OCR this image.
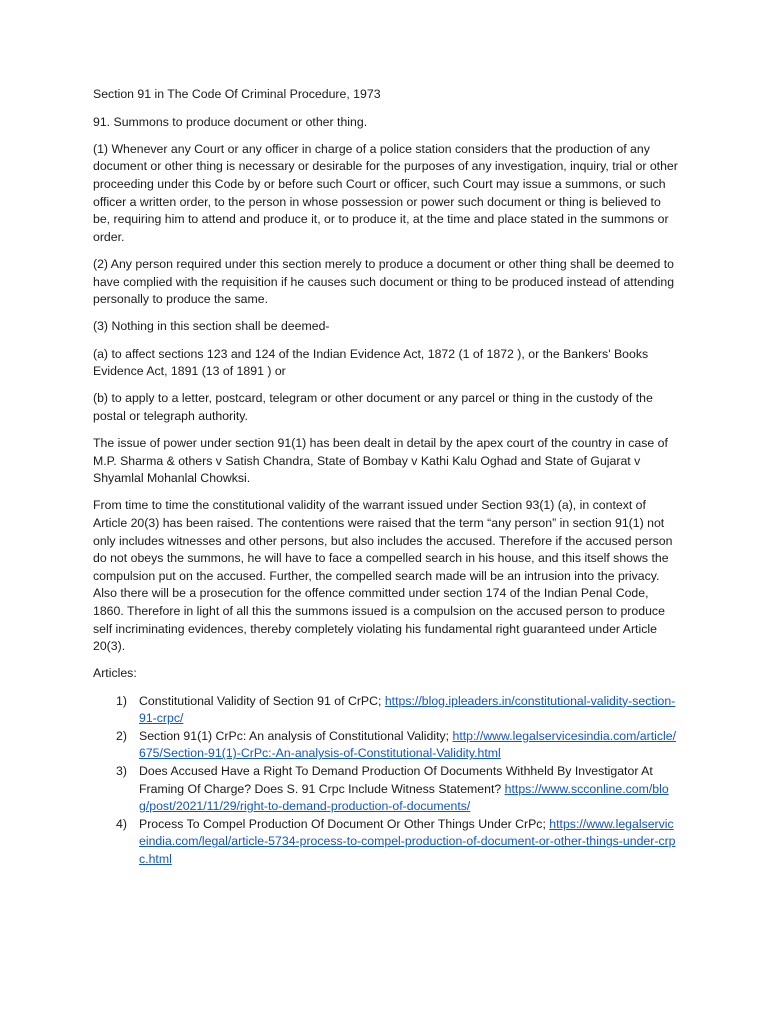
Section 91 in The Code Of Criminal Procedure, 1973

91. Summons to produce document or other thing.

(1) Whenever any Court or any officer in charge of a police station considers that the production of any document or other thing is necessary or desirable for the purposes of any investigation, inquiry, trial or other proceeding under this Code by or before such Court or officer, such Court may issue a summons, or such officer a written order, to the person in whose possession or power such document or thing is believed to be, requiring him to attend and produce it, or to produce it, at the time and place stated in the summons or order.

(2) Any person required under this section merely to produce a document or other thing shall be deemed to have complied with the requisition if he causes such document or thing to be produced instead of attending personally to produce the same.

(3) Nothing in this section shall be deemed-

(a) to affect sections 123 and 124 of the Indian Evidence Act, 1872 (1 of 1872 ), or the Bankers' Books Evidence Act, 1891 (13 of 1891 ) or

(b) to apply to a letter, postcard, telegram or other document or any parcel or thing in the custody of the postal or telegraph authority.

The issue of power under section 91(1) has been dealt in detail by the apex court of the country in case of M.P. Sharma & others v Satish Chandra, State of Bombay v Kathi Kalu Oghad and State of Gujarat v Shyamlal Mohanlal Chowksi.

From time to time the constitutional validity of the warrant issued under Section 93(1) (a), in context of Article 20(3) has been raised. The contentions were raised that the term “any person” in section 91(1) not only includes witnesses and other persons, but also includes the accused. Therefore if the accused person do not obeys the summons, he will have to face a compelled search in his house, and this itself shows the compulsion put on the accused. Further, the compelled search made will be an intrusion into the privacy. Also there will be a prosecution for the offence committed under section 174 of the Indian Penal Code, 1860. Therefore in light of all this the summons issued is a compulsion on the accused person to produce self incriminating evidences, thereby completely violating his fundamental right guaranteed under Article 20(3).

Articles:

1) Constitutional Validity of Section 91 of CrPC; https://blog.ipleaders.in/constitutional-validity-section-91-crpc/
2) Section 91(1) CrPc: An analysis of Constitutional Validity; http://www.legalservicesindia.com/article/675/Section-91(1)-CrPc:-An-analysis-of-Constitutional-Validity.html
3) Does Accused Have a Right To Demand Production Of Documents Withheld By Investigator At Framing Of Charge? Does S. 91 Crpc Include Witness Statement? https://www.scconline.com/blog/post/2021/11/29/right-to-demand-production-of-documents/
4) Process To Compel Production Of Document Or Other Things Under CrPc; https://www.legalserviceindia.com/legal/article-5734-process-to-compel-production-of-document-or-other-things-under-crpc.html
